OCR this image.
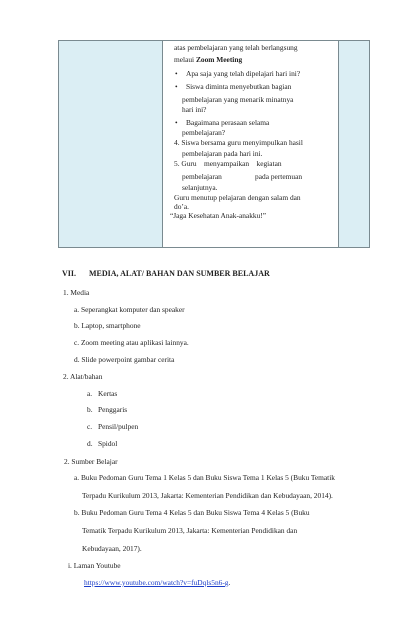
atas pembelajaran yang telah berlangsung
melaui Zoom Meeting
• Apa saja yang telah dipelajari hari ini?
• Siswa diminta menyebutkan bagian
pembelajaran yang menarik minatnya
hari ini?
• Bagaimana perasaan selama
pembelajaran?
4. Siswa bersama guru menyimpulkan hasil
pembelajaran pada hari ini.
5. Guru    menyampaikan    kegiatan
pembelajaran                  pada pertemuan
selanjutnya.
Guru menutup pelajaran dengan salam dan
do’a.
“Jaga Kesehatan Anak-anakku!”
VII. MEDIA, ALAT/ BAHAN DAN SUMBER BELAJAR
1. Media
a. Seperangkat komputer dan speaker
b. Laptop, smartphone
c. Zoom meeting atau aplikasi lainnya.
d. Slide powerpoint gambar cerita
2. Alat/bahan
a. Kertas
b. Penggaris
c. Pensil/pulpen
d. Spidol
2. Sumber Belajar
a. Buku Pedoman Guru Tema 1 Kelas 5 dan Buku Siswa Tema 1 Kelas 5 (Buku Tematik
Terpadu Kurikulum 2013, Jakarta: Kementerian Pendidikan dan Kebudayaan, 2014).
b. Buku Pedoman Guru Tema 4 Kelas 5 dan Buku Siswa Tema 4 Kelas 5 (Buku
Tematik Terpadu Kurikulum 2013, Jakarta: Kementerian Pendidikan dan
Kebudayaan, 2017).
i. Laman Youtube
https://www.youtube.com/watch?v=fuDqls5n6-g.
